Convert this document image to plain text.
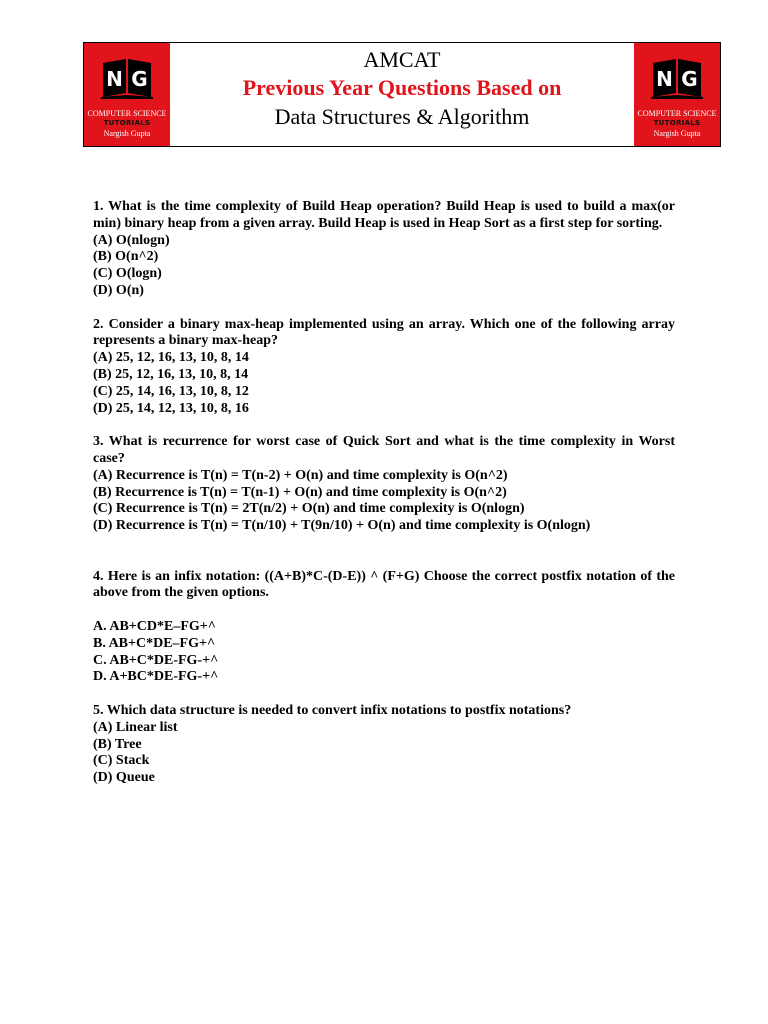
N G
COMPUTER SCIENCE
TUTORIALS
Nargish Gupta
AMCAT
Previous Year Questions Based on
Data Structures & Algorithm
N G
COMPUTER SCIENCE
TUTORIALS
Nargish Gupta
1. What is the time complexity of Build Heap operation? Build Heap is used to build a max(or min) binary heap from a given array. Build Heap is used in Heap Sort as a first step for sorting.
(A) O(nlogn)
(B) O(n^2)
(C) O(logn)
(D) O(n)
2. Consider a binary max-heap implemented using an array. Which one of the following array represents a binary max-heap?
(A) 25, 12, 16, 13, 10, 8, 14
(B) 25, 12, 16, 13, 10, 8, 14
(C) 25, 14, 16, 13, 10, 8, 12
(D) 25, 14, 12, 13, 10, 8, 16
3. What is recurrence for worst case of Quick Sort and what is the time complexity in Worst case?
(A) Recurrence is T(n) = T(n-2) + O(n) and time complexity is O(n^2)
(B) Recurrence is T(n) = T(n-1) + O(n) and time complexity is O(n^2)
(C) Recurrence is T(n) = 2T(n/2) + O(n) and time complexity is O(nlogn)
(D) Recurrence is T(n) = T(n/10) + T(9n/10) + O(n) and time complexity is O(nlogn)
4. Here is an infix notation: ((A+B)*C-(D-E)) ^ (F+G) Choose the correct postfix notation of the above from the given options.
A. AB+CD*E–FG+^
B. AB+C*DE–FG+^
C. AB+C*DE-FG-+^
D. A+BC*DE-FG-+^
5. Which data structure is needed to convert infix notations to postfix notations?
(A) Linear list
(B) Tree
(C) Stack
(D) Queue
